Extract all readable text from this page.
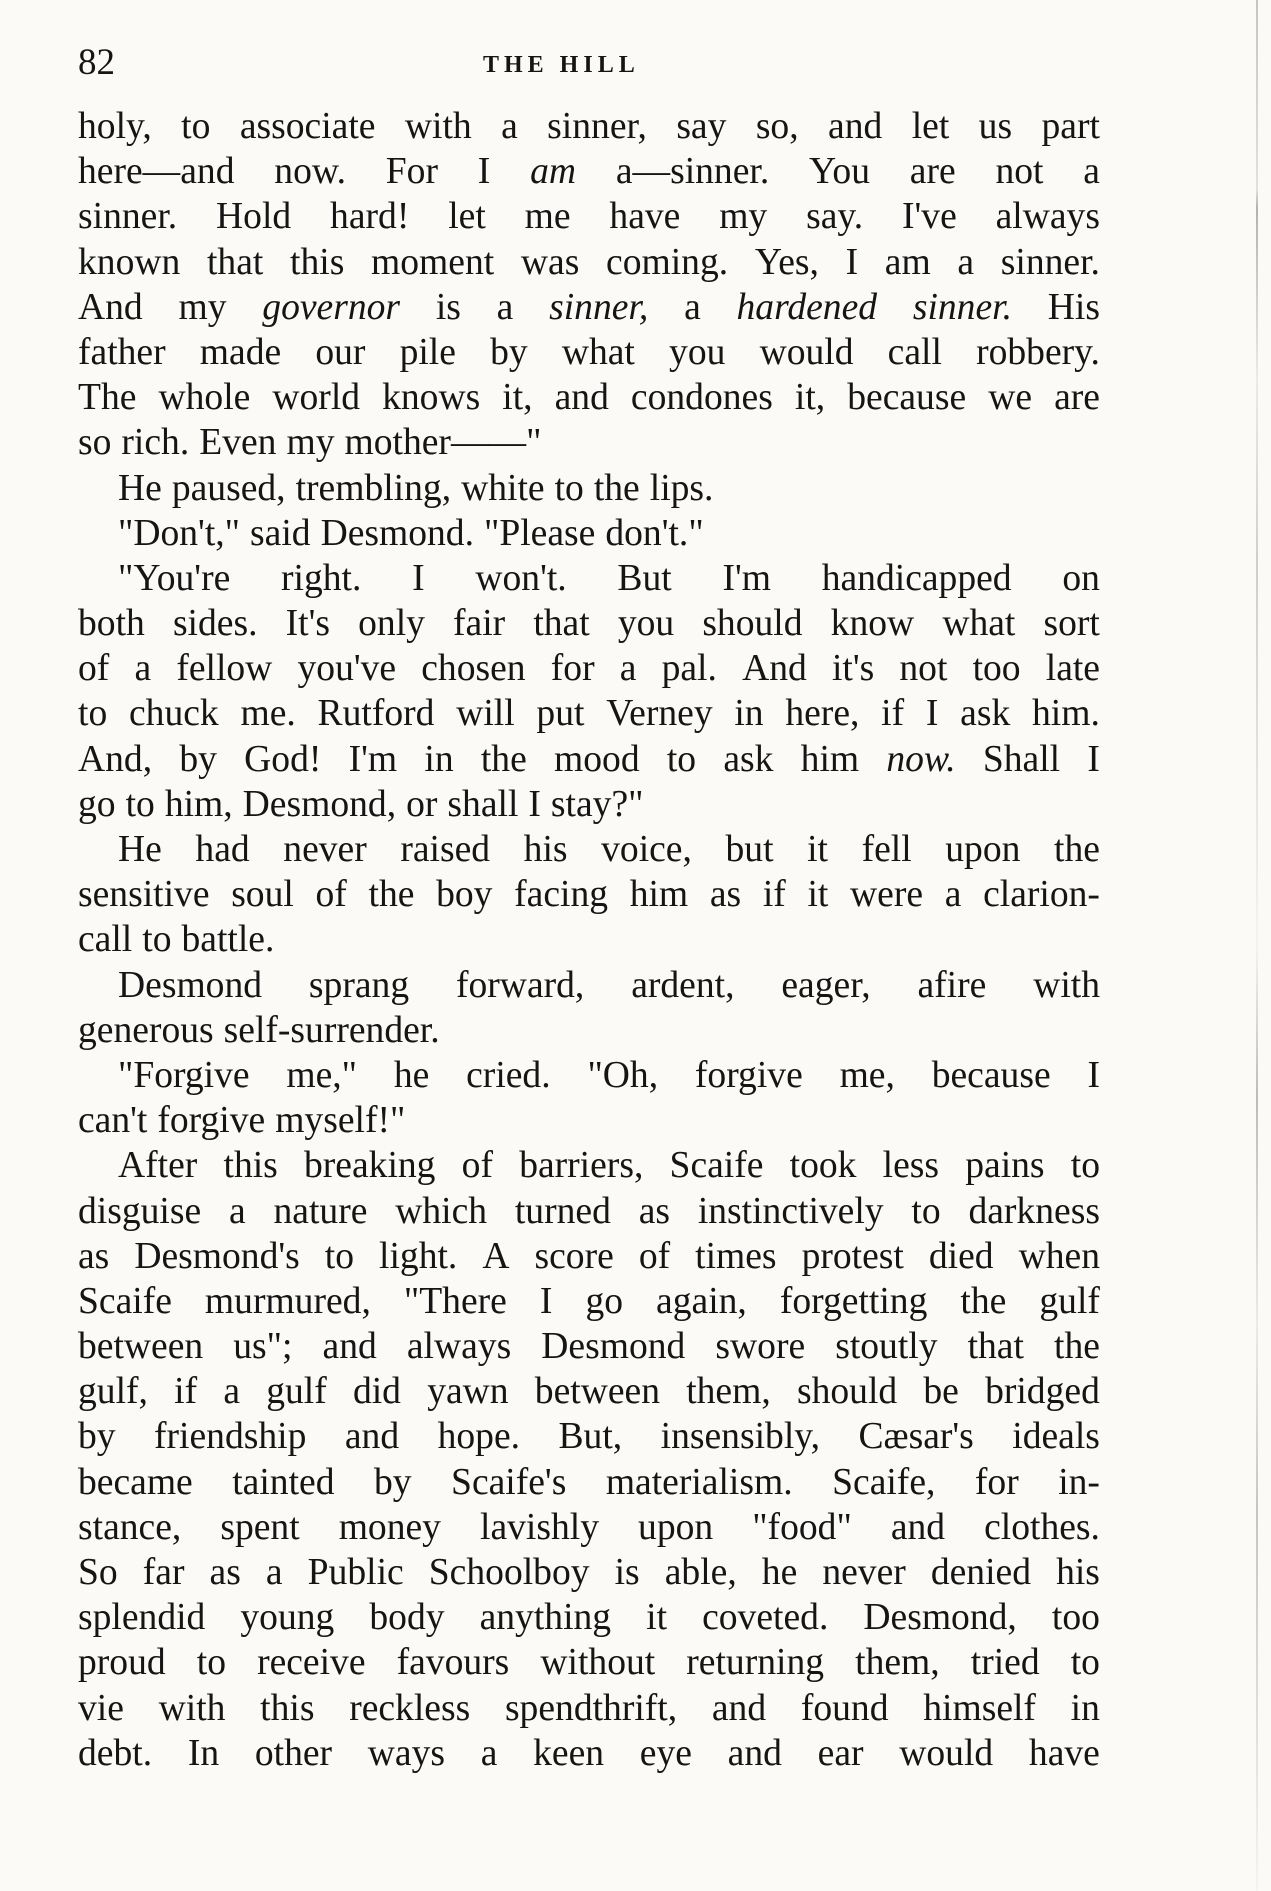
82	THE HILL
holy, to associate with a sinner, say so, and let us part
here—and now. For I am a—sinner. You are not a
sinner. Hold hard! let me have my say. I've always
known that this moment was coming. Yes, I am a sinner.
And my governor is a sinner, a hardened sinner. His
father made our pile by what you would call robbery.
The whole world knows it, and condones it, because we are
so rich. Even my mother——"
He paused, trembling, white to the lips.
"Don't," said Desmond. "Please don't."
"You're right. I won't. But I'm handicapped on
both sides. It's only fair that you should know what sort
of a fellow you've chosen for a pal. And it's not too late
to chuck me. Rutford will put Verney in here, if I ask him.
And, by God! I'm in the mood to ask him now. Shall I
go to him, Desmond, or shall I stay?"
He had never raised his voice, but it fell upon the
sensitive soul of the boy facing him as if it were a clarion-
call to battle.
Desmond sprang forward, ardent, eager, afire with
generous self-surrender.
"Forgive me," he cried. "Oh, forgive me, because I
can't forgive myself!"
After this breaking of barriers, Scaife took less pains to
disguise a nature which turned as instinctively to darkness
as Desmond's to light. A score of times protest died when
Scaife murmured, "There I go again, forgetting the gulf
between us"; and always Desmond swore stoutly that the
gulf, if a gulf did yawn between them, should be bridged
by friendship and hope. But, insensibly, Cæsar's ideals
became tainted by Scaife's materialism. Scaife, for in-
stance, spent money lavishly upon "food" and clothes.
So far as a Public Schoolboy is able, he never denied his
splendid young body anything it coveted. Desmond, too
proud to receive favours without returning them, tried to
vie with this reckless spendthrift, and found himself in
debt. In other ways a keen eye and ear would have
